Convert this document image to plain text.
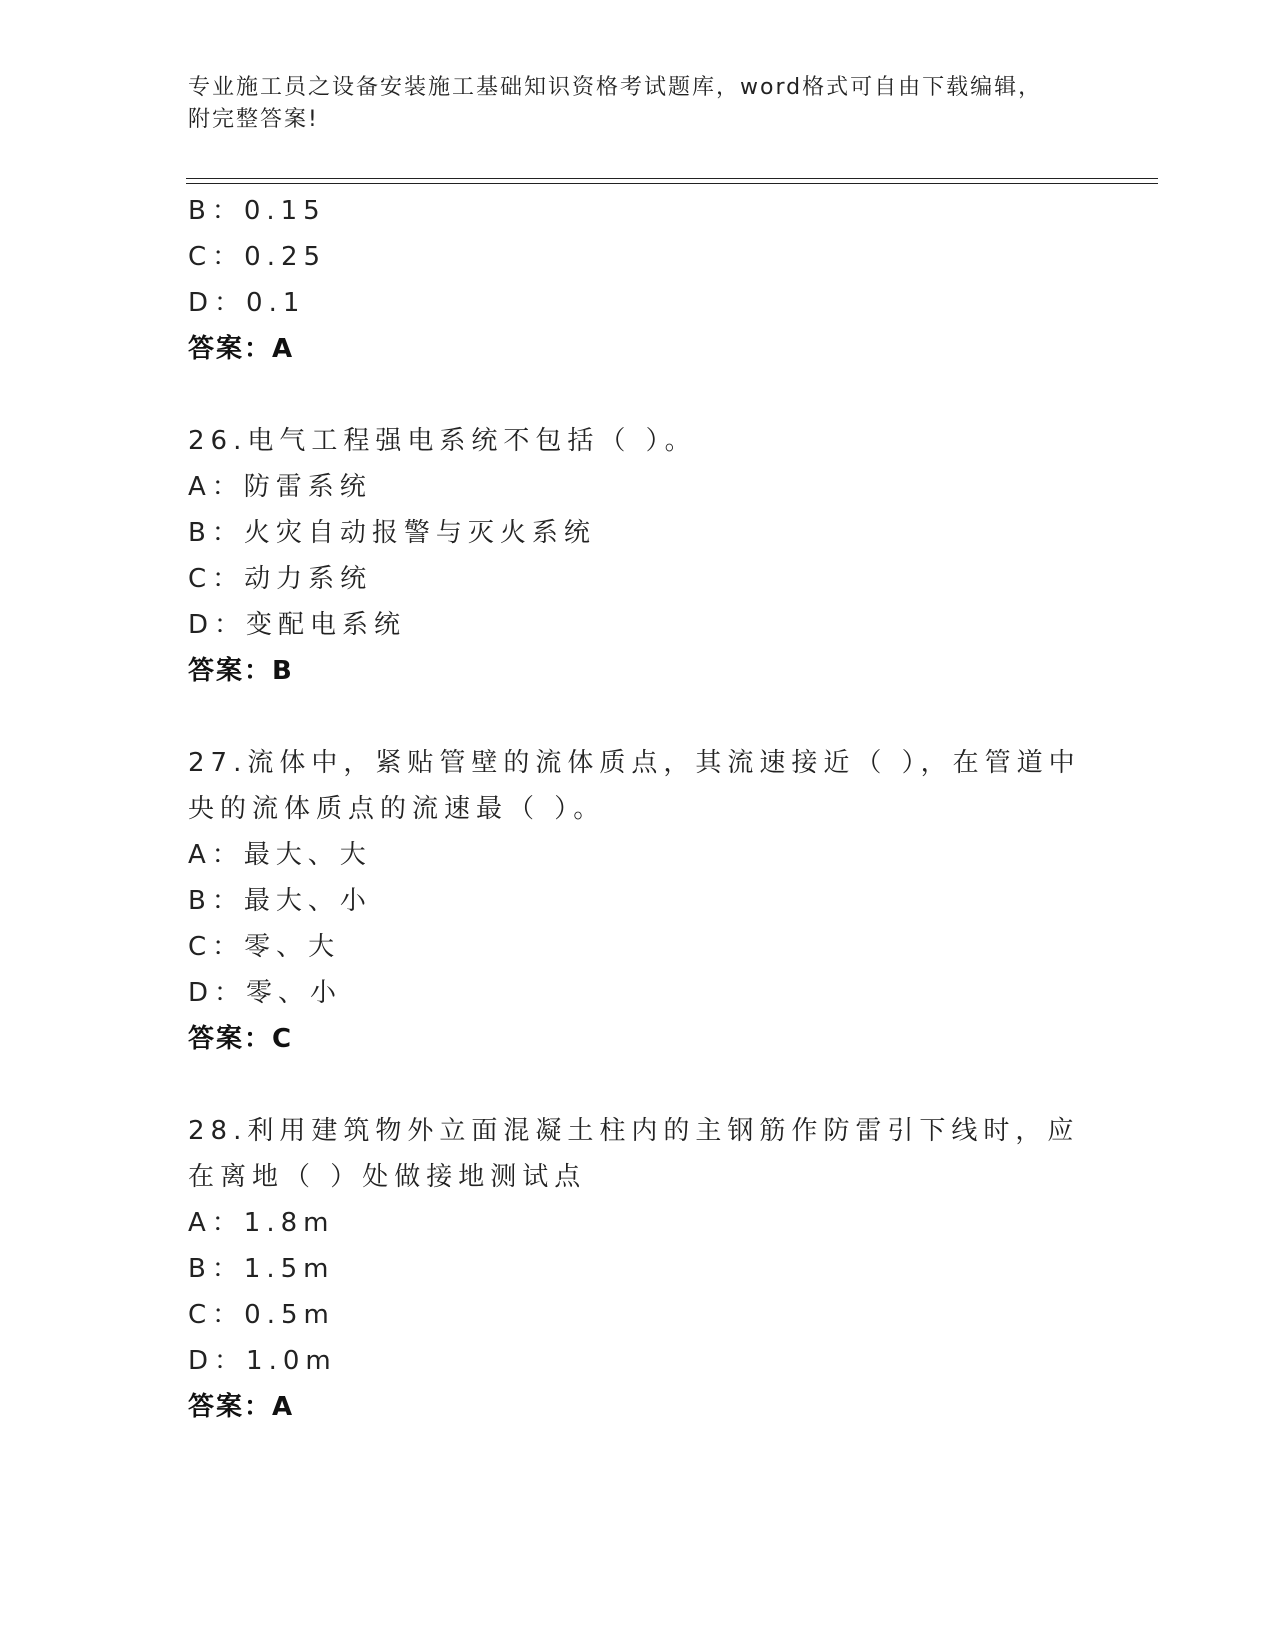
专业施工员之设备安装施工基础知识资格考试题库，word格式可自由下载编辑，
附完整答案!
B：0.15
C：0.25
D：0.1
答案：A
26.电气工程强电系统不包括（ ）。
A：防雷系统
B：火灾自动报警与灭火系统
C：动力系统
D：变配电系统
答案：B
27.流体中，紧贴管壁的流体质点，其流速接近（ ），在管道中央的流体质点的流速最（ ）。
A：最大、大
B：最大、小
C：零、大
D：零、小
答案：C
28.利用建筑物外立面混凝土柱内的主钢筋作防雷引下线时，应在离地（ ）处做接地测试点
A：1.8m
B：1.5m
C：0.5m
D：1.0m
答案：A
